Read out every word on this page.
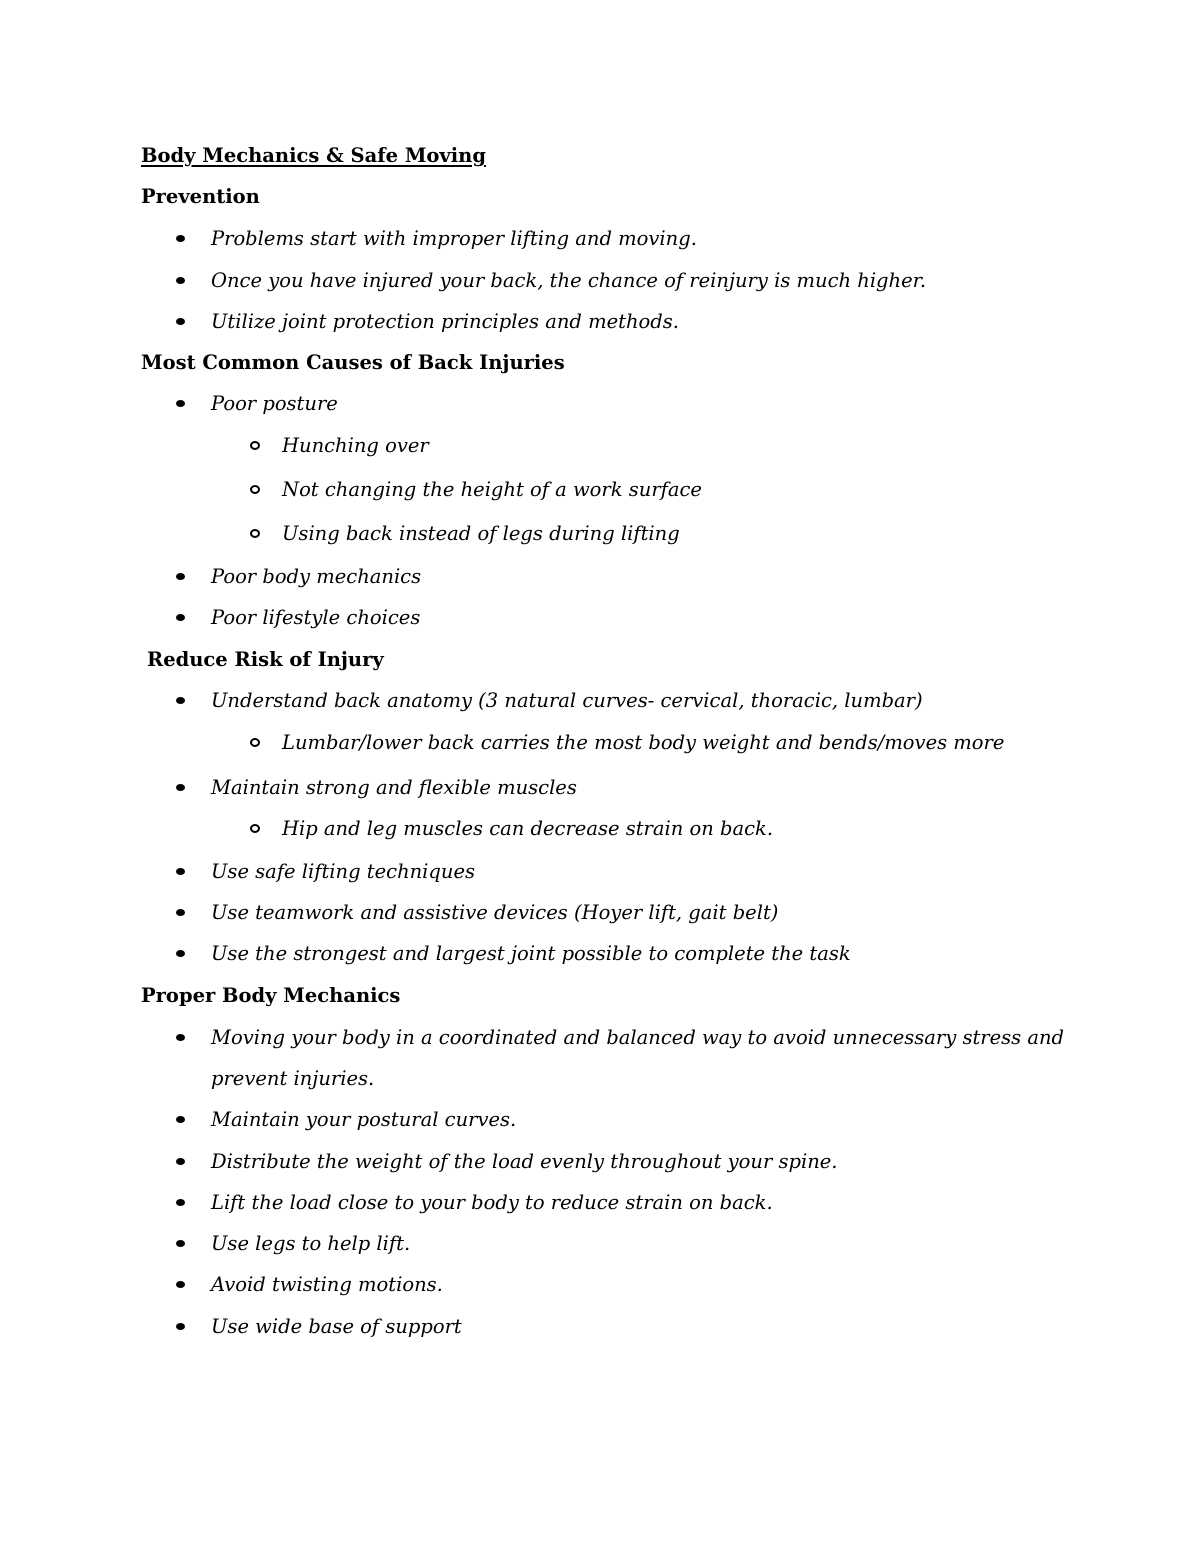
Body Mechanics & Safe Moving
Prevention
Problems start with improper lifting and moving.
Once you have injured your back, the chance of reinjury is much higher.
Utilize joint protection principles and methods.
Most Common Causes of Back Injuries
Poor posture
Hunching over
Not changing the height of a work surface
Using back instead of legs during lifting
Poor body mechanics
Poor lifestyle choices
Reduce Risk of Injury
Understand back anatomy (3 natural curves- cervical, thoracic, lumbar)
Lumbar/lower back carries the most body weight and bends/moves more
Maintain strong and flexible muscles
Hip and leg muscles can decrease strain on back.
Use safe lifting techniques
Use teamwork and assistive devices (Hoyer lift, gait belt)
Use the strongest and largest joint possible to complete the task
Proper Body Mechanics
Moving your body in a coordinated and balanced way to avoid unnecessary stress and
prevent injuries.
Maintain your postural curves.
Distribute the weight of the load evenly throughout your spine.
Lift the load close to your body to reduce strain on back.
Use legs to help lift.
Avoid twisting motions.
Use wide base of support
